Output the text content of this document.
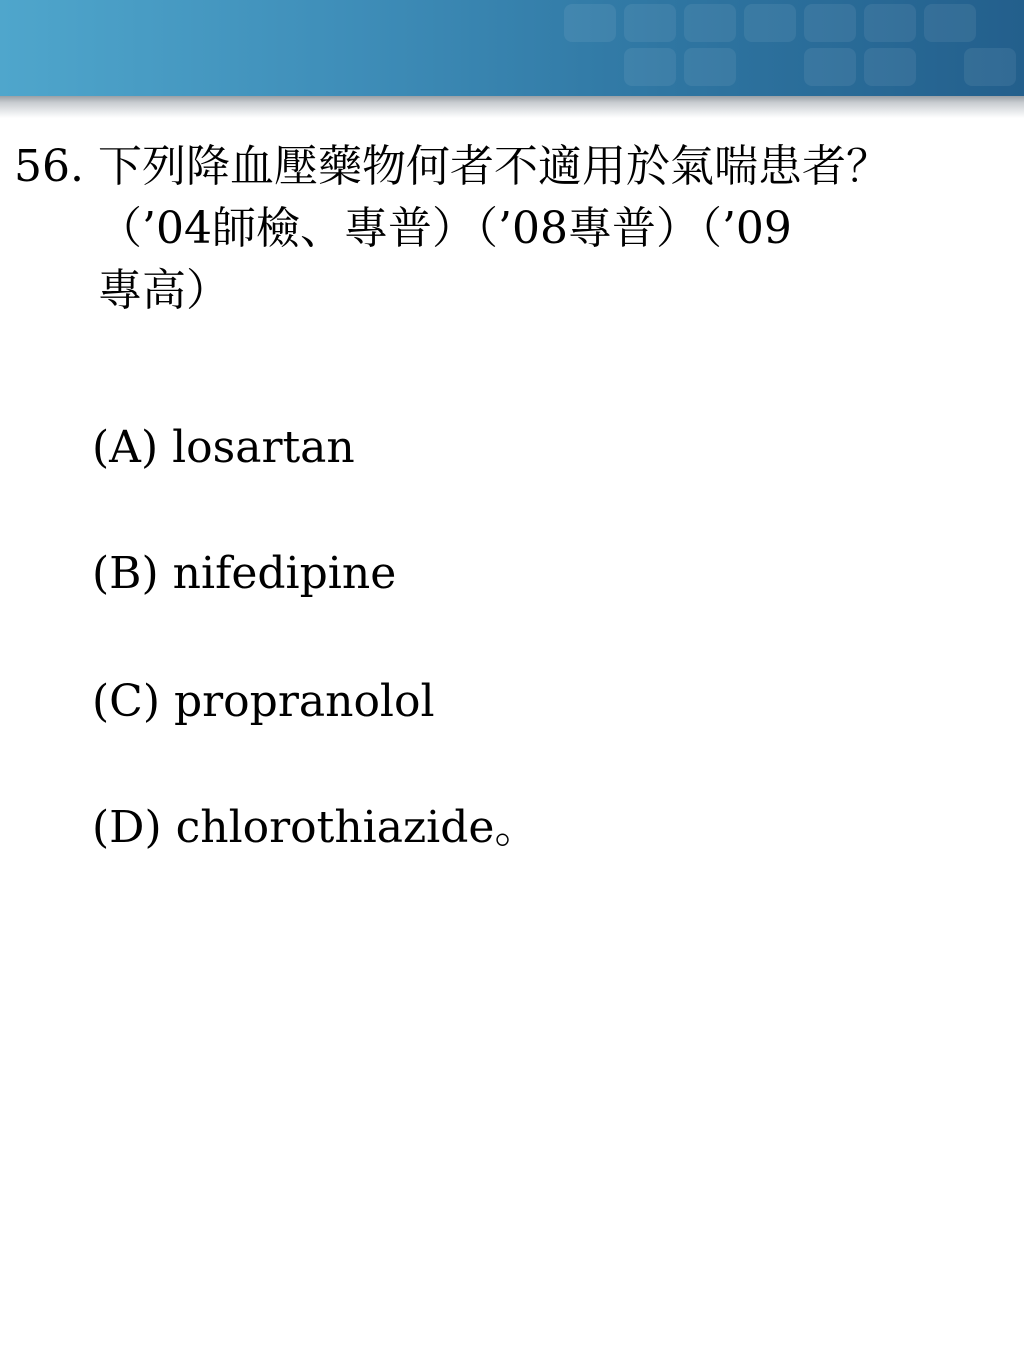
56. 下列降血壓藥物何者不適用於氣喘患者？
（’04師檢、專普）（’08專普）（’09
專高）
(A) losartan
(B) nifedipine
(C) propranolol
(D) chlorothiazide。
